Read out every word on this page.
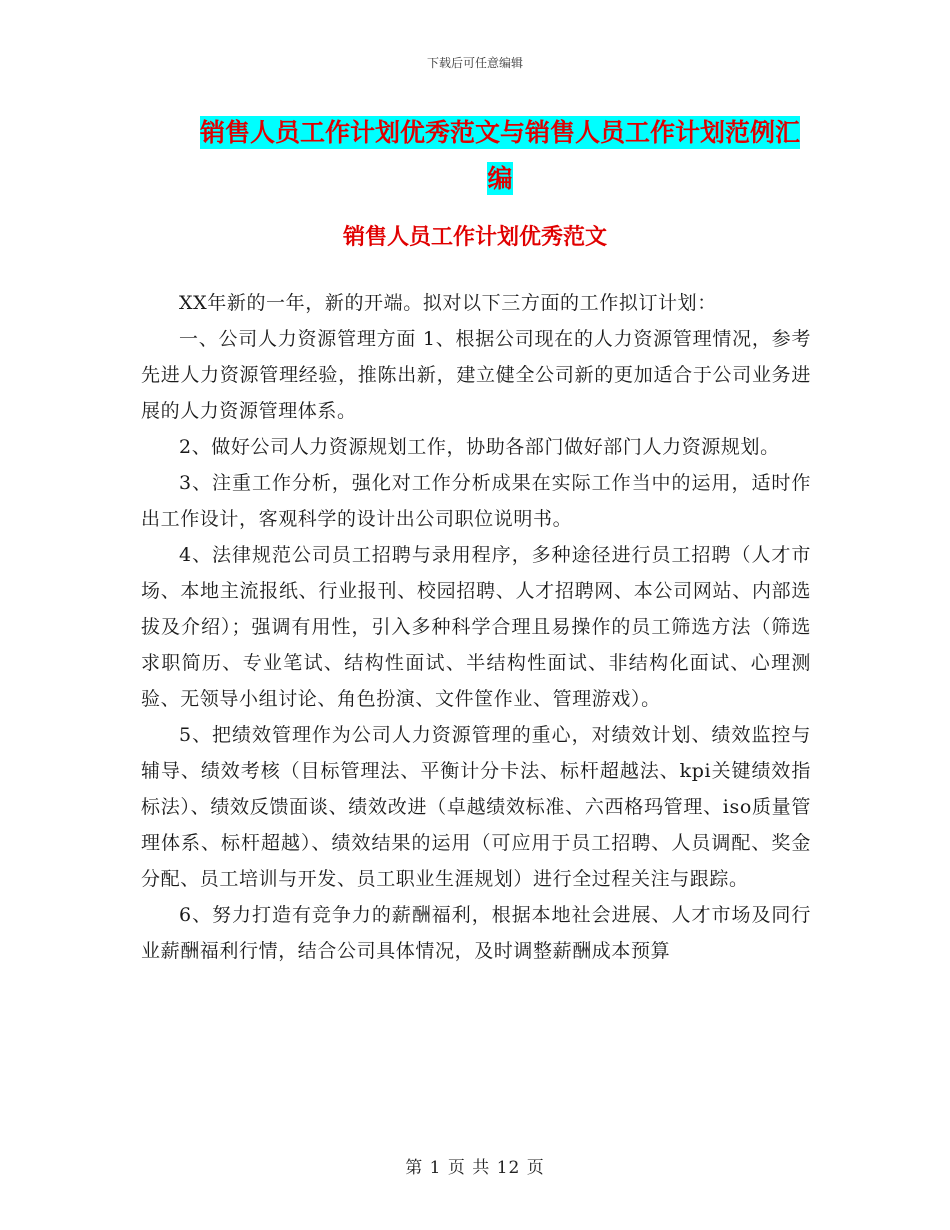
下载后可任意编辑
销售人员工作计划优秀范文与销售人员工作计划范例汇编
销售人员工作计划优秀范文

XX年新的一年，新的开端。拟对以下三方面的工作拟订计划：

一、公司人力资源管理方面 1、根据公司现在的人力资源管理情况，参考先进人力资源管理经验，推陈出新，建立健全公司新的更加适合于公司业务进展的人力资源管理体系。

2、做好公司人力资源规划工作，协助各部门做好部门人力资源规划。

3、注重工作分析，强化对工作分析成果在实际工作当中的运用，适时作出工作设计，客观科学的设计出公司职位说明书。

4、法律规范公司员工招聘与录用程序，多种途径进行员工招聘（人才市场、本地主流报纸、行业报刊、校园招聘、人才招聘网、本公司网站、内部选拔及介绍）；强调有用性，引入多种科学合理且易操作的员工筛选方法（筛选求职简历、专业笔试、结构性面试、半结构性面试、非结构化面试、心理测验、无领导小组讨论、角色扮演、文件筐作业、管理游戏）。

5、把绩效管理作为公司人力资源管理的重心，对绩效计划、绩效监控与辅导、绩效考核（目标管理法、平衡计分卡法、标杆超越法、kpi关键绩效指标法）、绩效反馈面谈、绩效改进（卓越绩效标准、六西格玛管理、iso质量管理体系、标杆超越）、绩效结果的运用（可应用于员工招聘、人员调配、奖金分配、员工培训与开发、员工职业生涯规划）进行全过程关注与跟踪。

6、努力打造有竞争力的薪酬福利，根据本地社会进展、人才市场及同行业薪酬福利行情，结合公司具体情况，及时调整薪酬成本预算

第 1 页 共 12 页
